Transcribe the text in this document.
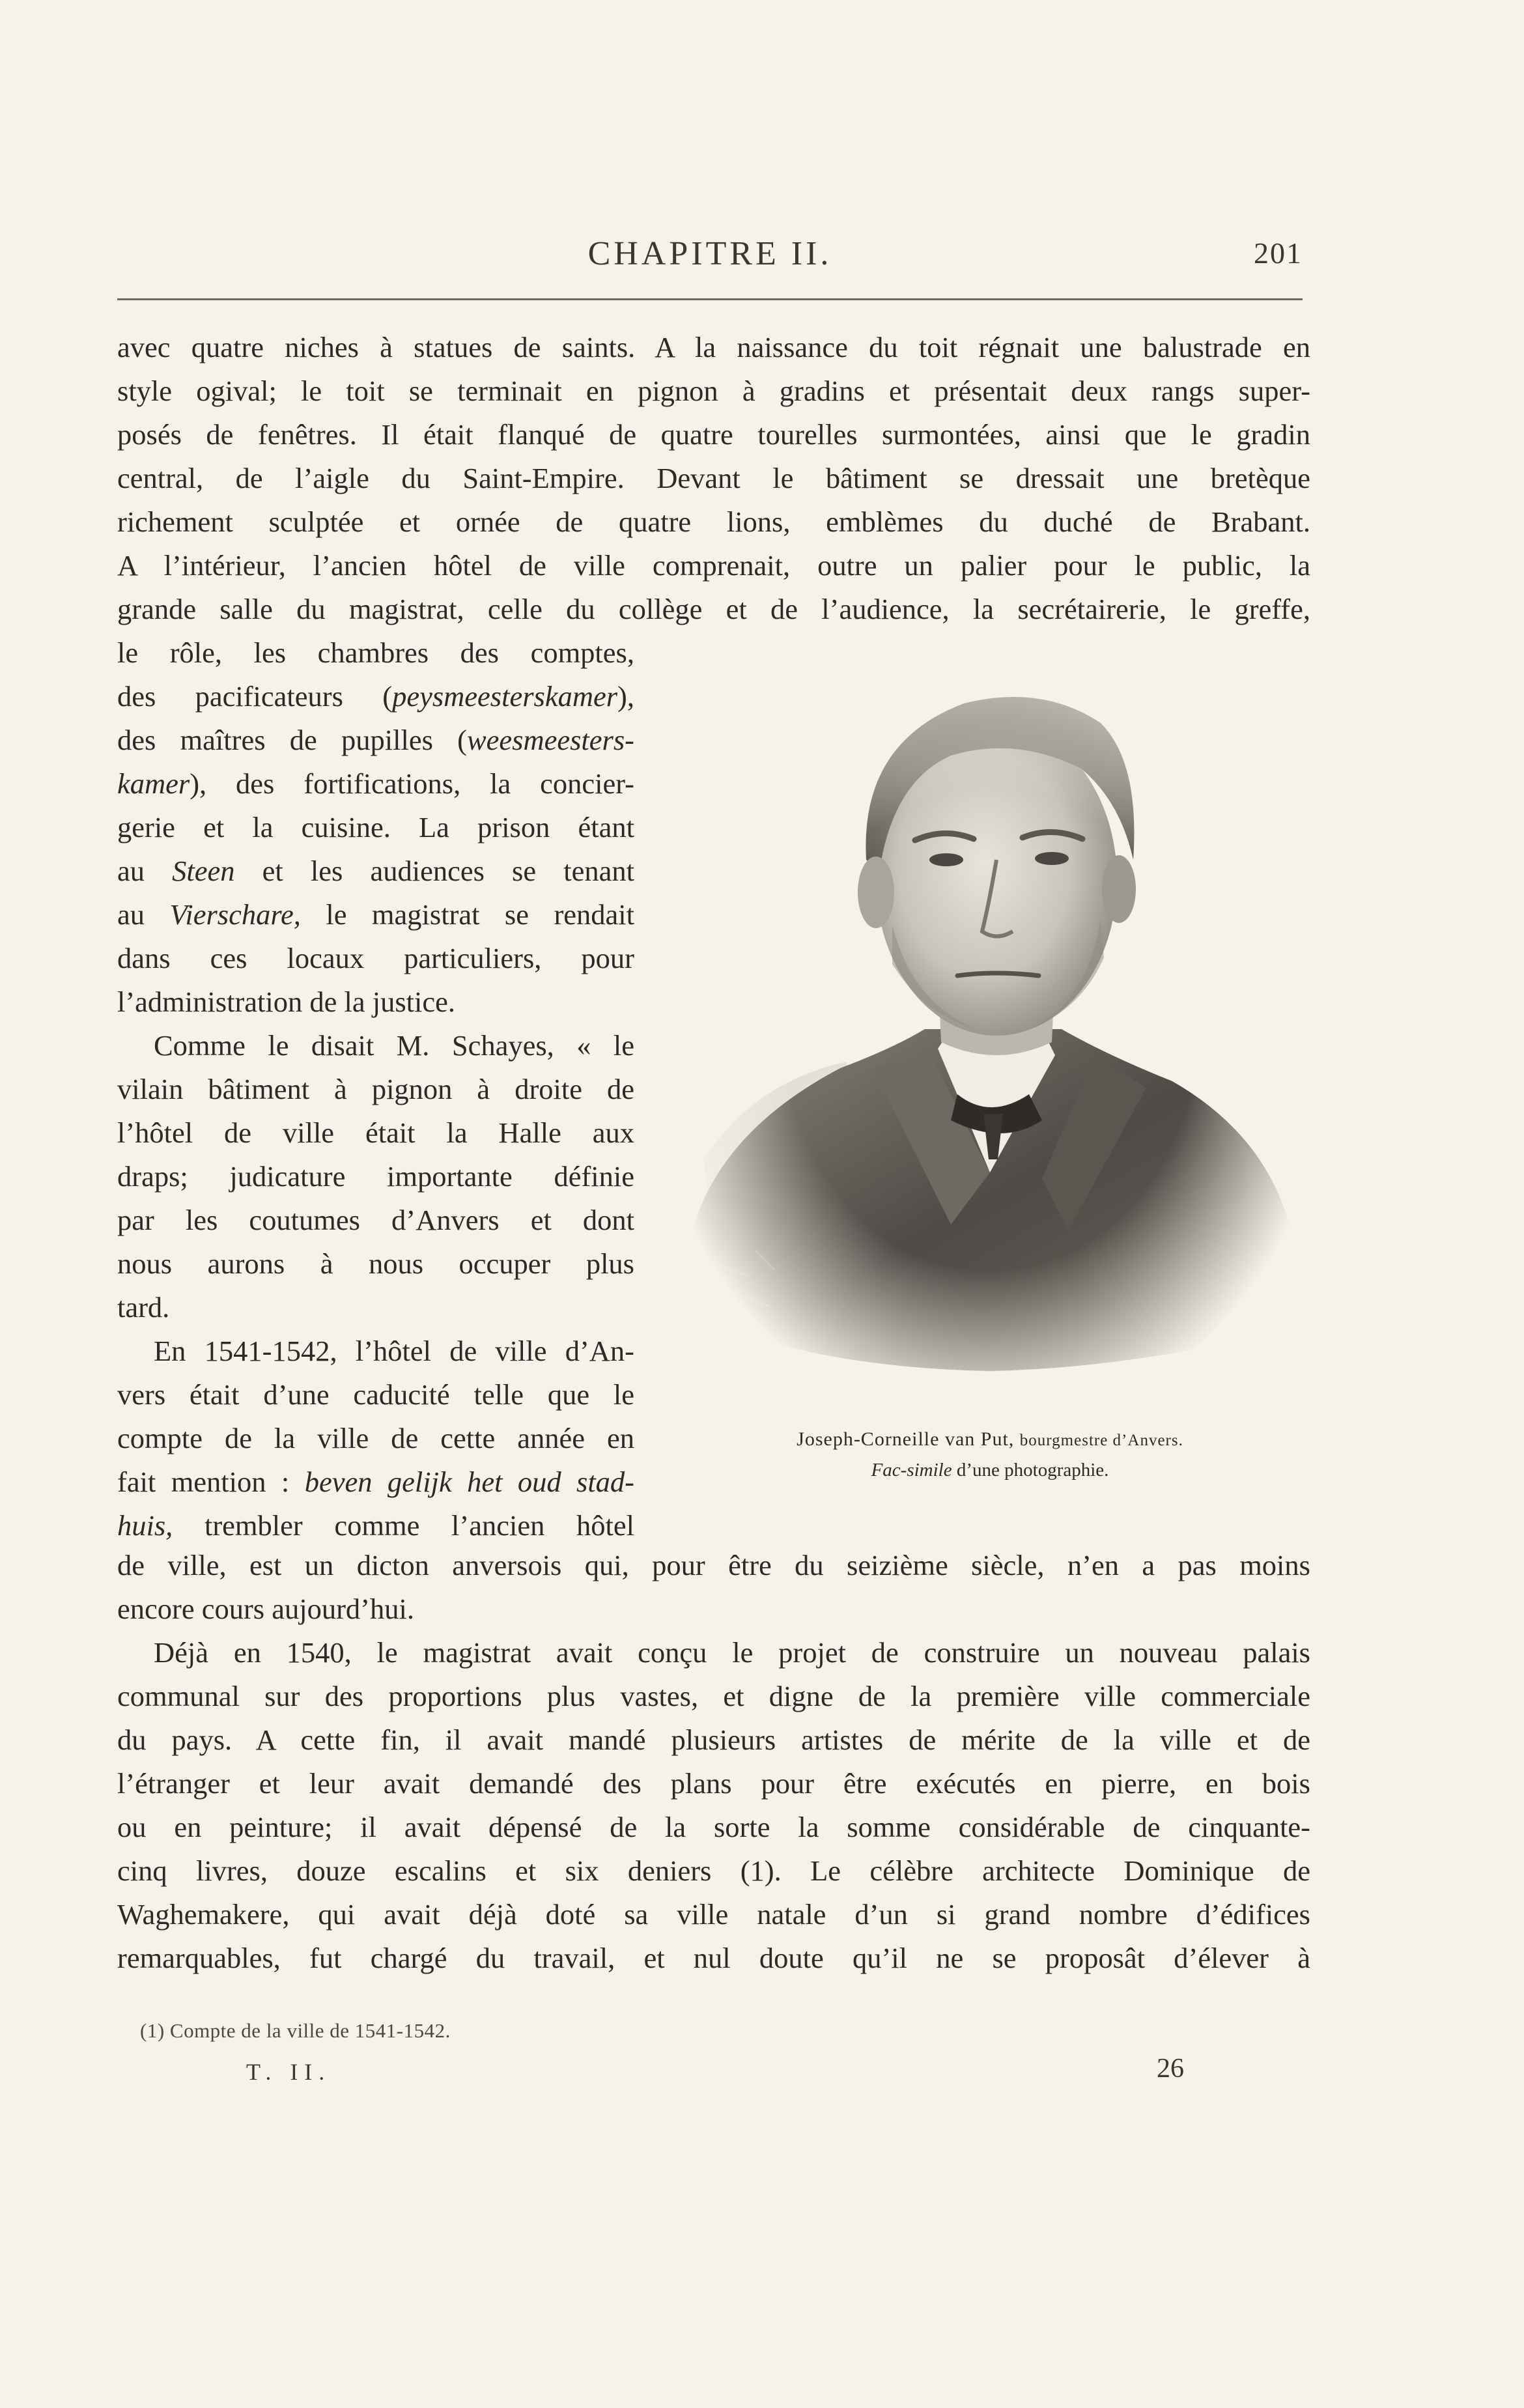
CHAPITRE II.	201
avec quatre niches à statues de saints. A la naissance du toit régnait une balustrade en
style ogival; le toit se terminait en pignon à gradins et présentait deux rangs super-
posés de fenêtres. Il était flanqué de quatre tourelles surmontées, ainsi que le gradin
central, de l’aigle du Saint-Empire. Devant le bâtiment se dressait une bretèque
richement sculptée et ornée de quatre lions, emblèmes du duché de Brabant.
A l’intérieur, l’ancien hôtel de ville comprenait, outre un palier pour le public, la
grande salle du magistrat, celle du collège et de l’audience, la secrétairerie, le greffe,
le rôle, les chambres des comptes,
des pacificateurs (peysmeesterskamer),
des maîtres de pupilles (weesmeesters-
kamer), des fortifications, la concier-
gerie et la cuisine. La prison étant
au Steen et les audiences se tenant
au Vierschare, le magistrat se rendait
dans ces locaux particuliers, pour
l’administration de la justice.
Comme le disait M. Schayes, « le
vilain bâtiment à pignon à droite de
l’hôtel de ville était la Halle aux
draps; judicature importante définie
par les coutumes d’Anvers et dont
nous aurons à nous occuper plus
tard.
En 1541-1542, l’hôtel de ville d’An-
vers était d’une caducité telle que le
compte de la ville de cette année en
fait mention : beven gelijk het oud stad-
huis, trembler comme l’ancien hôtel
Joseph-Corneille van Put, bourgmestre d’Anvers.
Fac-simile d’une photographie.
de ville, est un dicton anversois qui, pour être du seizième siècle, n’en a pas moins
encore cours aujourd’hui.
Déjà en 1540, le magistrat avait conçu le projet de construire un nouveau palais
communal sur des proportions plus vastes, et digne de la première ville commerciale
du pays. A cette fin, il avait mandé plusieurs artistes de mérite de la ville et de
l’étranger et leur avait demandé des plans pour être exécutés en pierre, en bois
ou en peinture; il avait dépensé de la sorte la somme considérable de cinquante-
cinq livres, douze escalins et six deniers (1). Le célèbre architecte Dominique de
Waghemakere, qui avait déjà doté sa ville natale d’un si grand nombre d’édifices
remarquables, fut chargé du travail, et nul doute qu’il ne se proposât d’élever à
(1) Compte de la ville de 1541-1542.
T. II.	26
